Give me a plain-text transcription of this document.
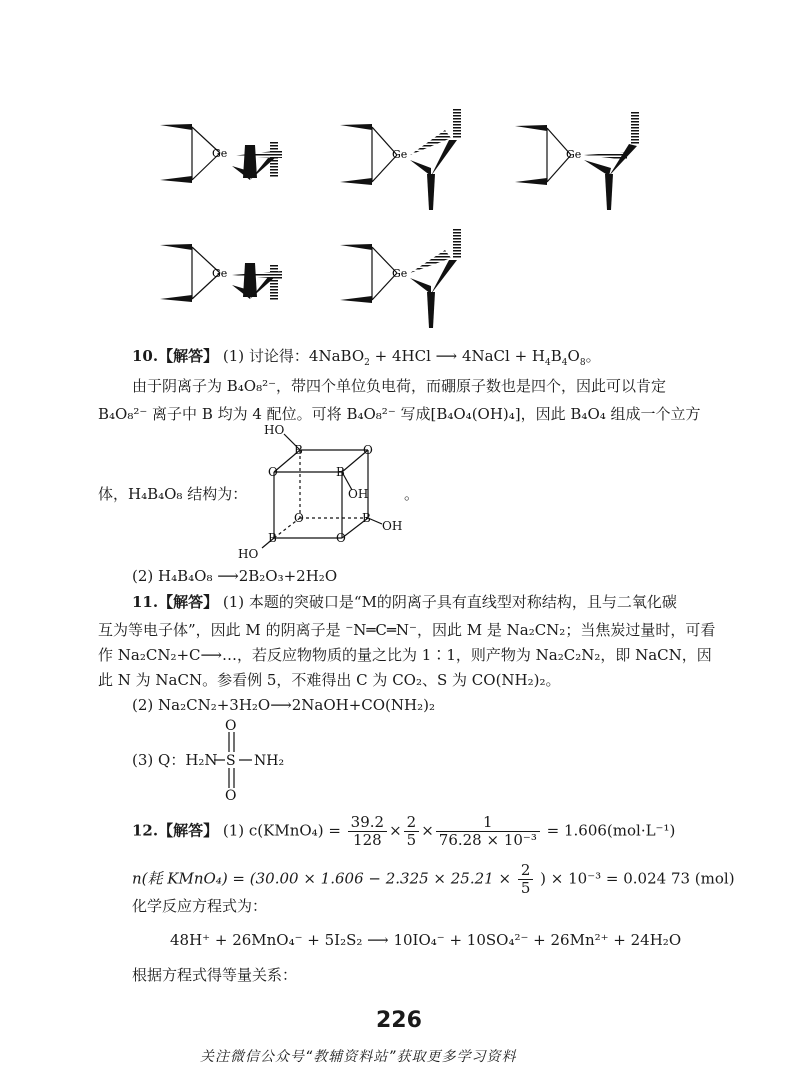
Ge	Ge	Ge
Ge	Ge
10.【解答】 (1) 讨论得：4NaBO$_2$ + 4HCl ⟶ 4NaCl + $H_4B_4O_8$。
由于阴离子为 B₄O₈²⁻，带四个单位负电荷，而硼原子数也是四个，因此可以肯定
B₄O₈²⁻ 离子中 B 均为 4 配位。可将 B₄O₈²⁻ 写成[B₄O₄(OH)₄]，因此 B₄O₄ 组成一个立方
体，H₄B₄O₈ 结构为：	。
HO
B	O
O	B
OH
O	B
OH
B	O
HO
(2) H₄B₄O₈ ⟶2B₂O₃+2H₂O
11.【解答】 (1) 本题的突破口是“M的阴离子具有直线型对称结构，且与二氧化碳
互为等电子体”，因此 M 的阴离子是 ⁻N═C═N⁻，因此 M 是 Na₂CN₂；当焦炭过量时，可看
作 Na₂CN₂+C⟶…，若反应物物质的量之比为 1∶1，则产物为 Na₂C₂N₂，即 NaCN，因
此 N 为 NaCN。参看例 5，不难得出 C 为 CO₂、S 为 CO(NH₂)₂。
(2) Na₂CN₂+3H₂O⟶2NaOH+CO(NH₂)₂
(3) Q：H₂N
O
S
O
NH₂
12.【解答】 (1) c(KMnO₄) = $\frac{39.2}{128} \times \frac{2}{5} \times \frac{1}{\text{76.28 × 10⁻³}} = 1.606(mol\cdot L^{-1})$
n(耗 KMnO₄) = ($30.00 \times 1.606 - 2.325 \times 25.21 \times \frac{2}{5}$ ) × 10⁻³ = 0.024 73 (mol)
化学反应方程式为：
48H⁺ + 26MnO₄⁻ + 5I₂S₂ ⟶ 10IO₄⁻ + 10SO₄²⁻ + 26Mn²⁺ + 24H₂O
根据方程式得等量关系：
226
关注微信公众号“教辅资料站”获取更多学习资料
